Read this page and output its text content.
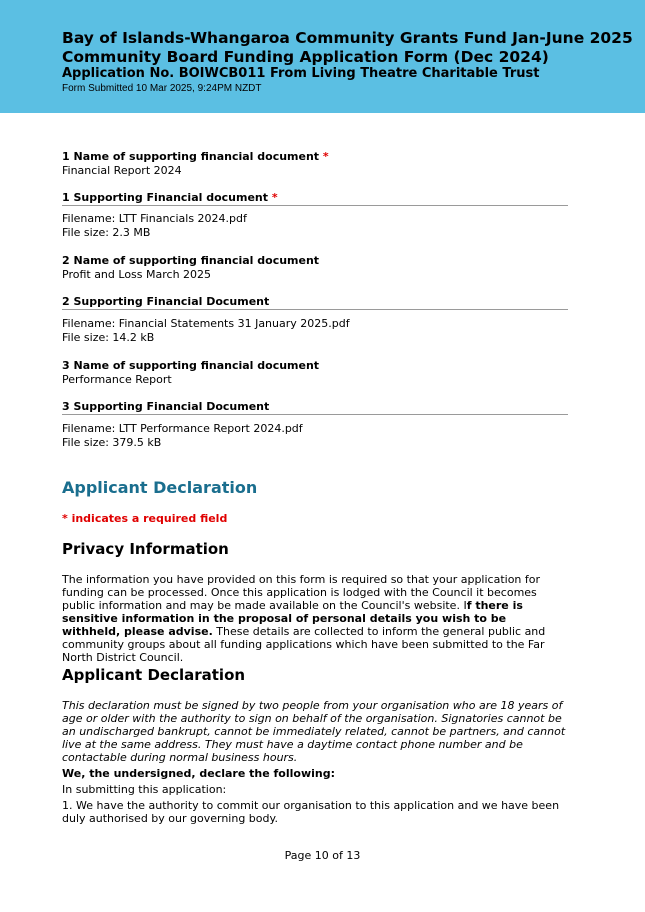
Bay of Islands-Whangaroa Community Grants Fund Jan-June 2025 Community Board Funding Application Form (Dec 2024)
Application No. BOIWCB011 From Living Theatre Charitable Trust
Form Submitted 10 Mar 2025, 9:24PM NZDT
1 Name of supporting financial document *
Financial Report 2024
1 Supporting Financial document *
Filename: LTT Financials 2024.pdf
File size: 2.3 MB
2 Name of supporting financial document
Profit and Loss March 2025
2 Supporting Financial Document
Filename: Financial Statements 31 January 2025.pdf
File size: 14.2 kB
3 Name of supporting financial document
Performance Report
3 Supporting Financial Document
Filename: LTT Performance Report 2024.pdf
File size: 379.5 kB
Applicant Declaration
* indicates a required field
Privacy Information
The information you have provided on this form is required so that your application for funding can be processed. Once this application is lodged with the Council it becomes public information and may be made available on the Council's website. If there is sensitive information in the proposal of personal details you wish to be withheld, please advise. These details are collected to inform the general public and community groups about all funding applications which have been submitted to the Far North District Council.
Applicant Declaration
This declaration must be signed by two people from your organisation who are 18 years of age or older with the authority to sign on behalf of the organisation. Signatories cannot be an undischarged bankrupt, cannot be immediately related, cannot be partners, and cannot live at the same address. They must have a daytime contact phone number and be contactable during normal business hours.
We, the undersigned, declare the following:
In submitting this application:
1. We have the authority to commit our organisation to this application and we have been duly authorised by our governing body.
Page 10 of 13
